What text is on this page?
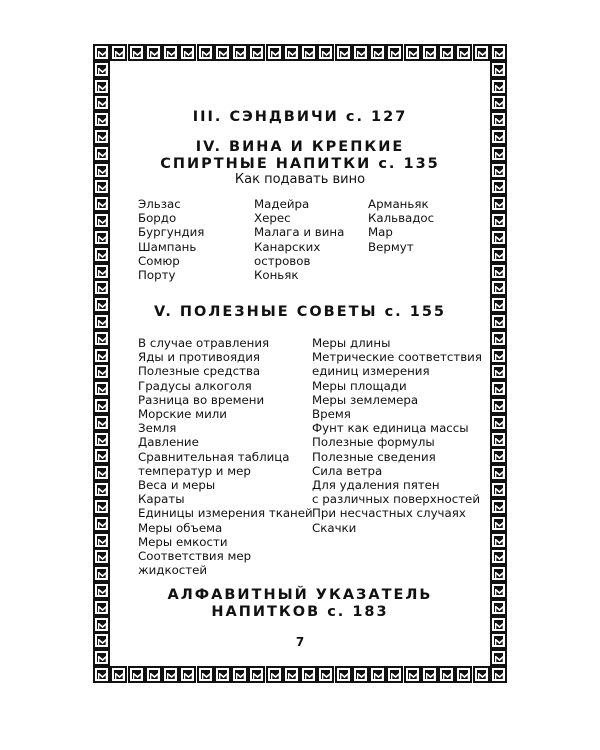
III. СЭНДВИЧИ с. 127
IV. ВИНА И КРЕПКИЕ
СПИРТНЫЕ НАПИТКИ с. 135
Как подавать вино
Эльзас
Бордо
Бургундия
Шампань
Сомюр
Порту
Мадейра
Херес
Малага и вина
Канарских
островов
Коньяк
Арманьяк
Кальвадос
Мар
Вермут
V. ПОЛЕЗНЫЕ СОВЕТЫ с. 155
В случае отравления
Яды и противоядия
Полезные средства
Градусы алкоголя
Разница во времени
Морские мили
Земля
Давление
Сравнительная таблица
температур и мер
Веса и меры
Караты
Единицы измерения тканей
Меры объема
Меры емкости
Соответствия мер
жидкостей
Меры длины
Метрические соответствия
единиц измерения
Меры площади
Меры землемера
Время
Фунт как единица массы
Полезные формулы
Полезные сведения
Сила ветра
Для удаления пятен
с различных поверхностей
При несчастных случаях
Скачки
АЛФАВИТНЫЙ УКАЗАТЕЛЬ
НАПИТКОВ с. 183
7
